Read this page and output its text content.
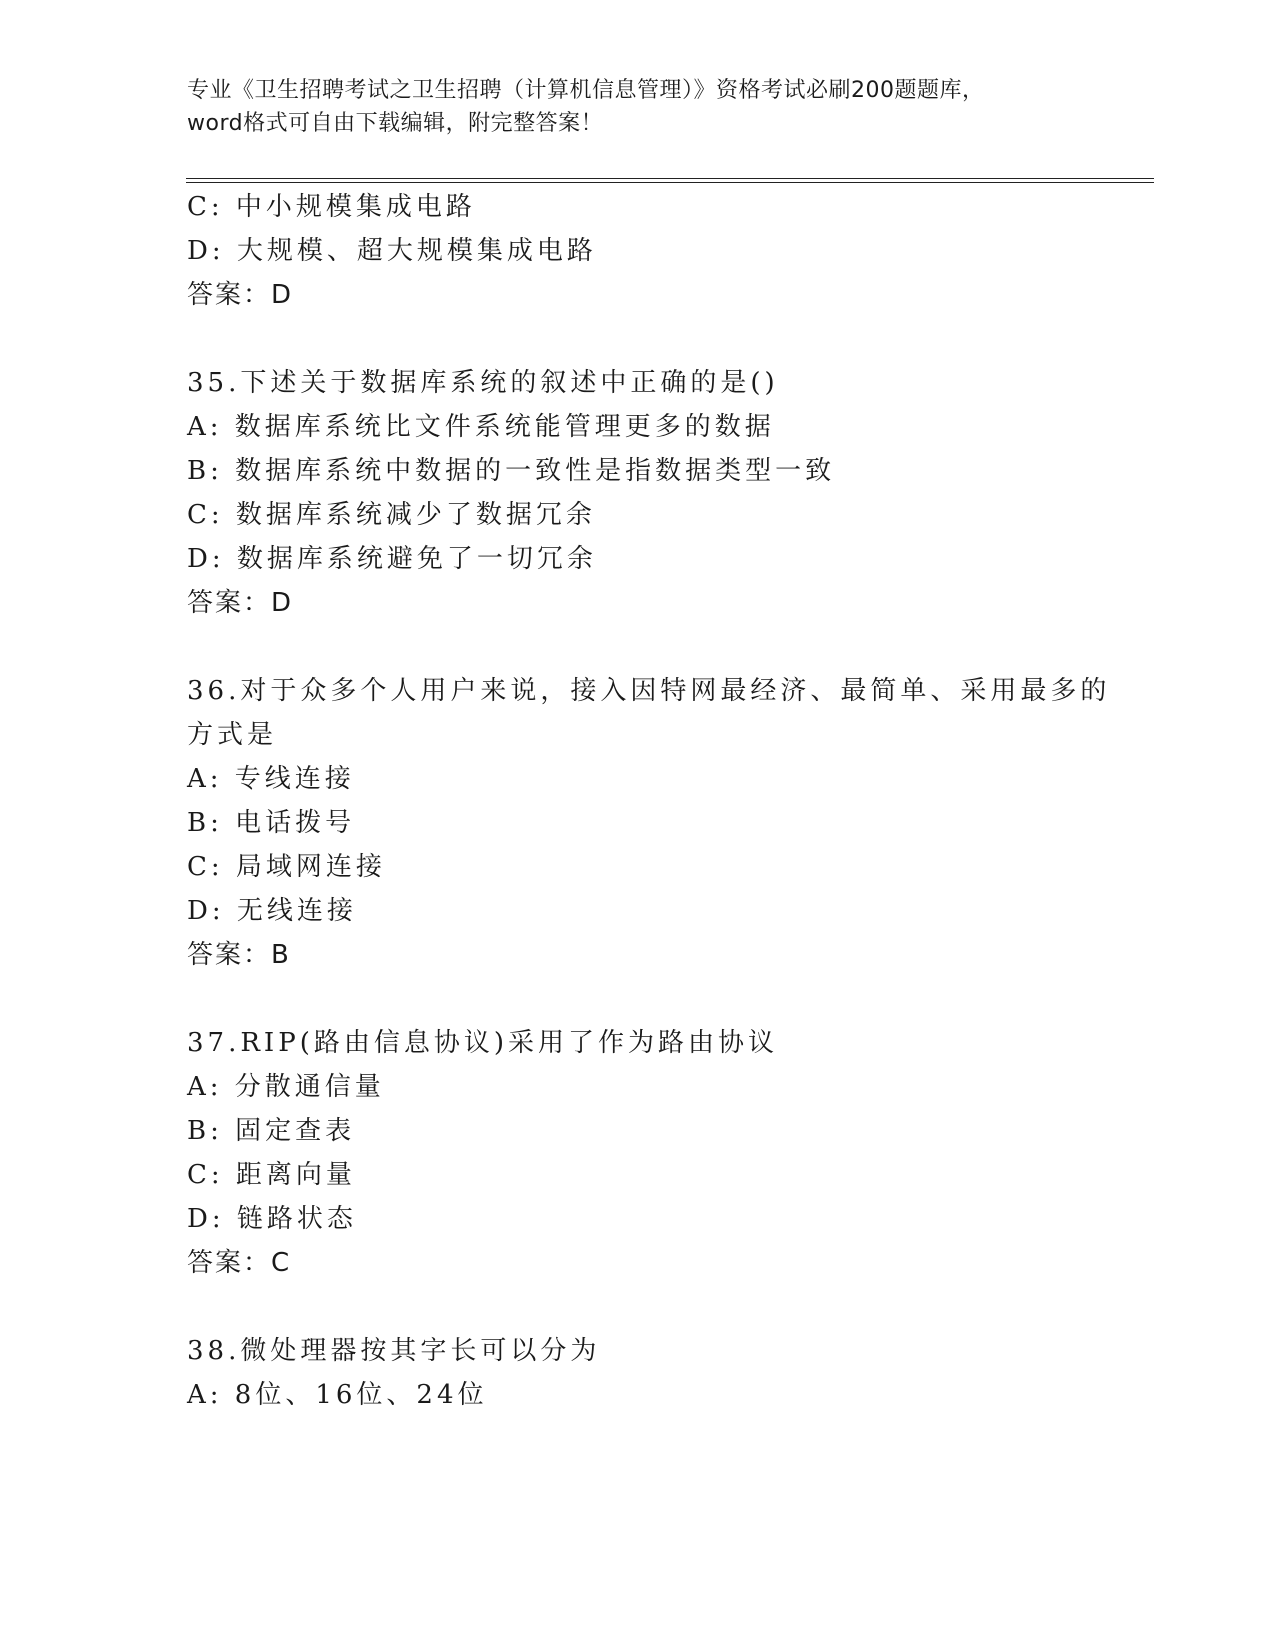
专业《卫生招聘考试之卫生招聘（计算机信息管理）》资格考试必刷200题题库，
word格式可自由下载编辑，附完整答案！
C: 中小规模集成电路
D: 大规模、超大规模集成电路
答案：D
35.下述关于数据库系统的叙述中正确的是()
A: 数据库系统比文件系统能管理更多的数据
B: 数据库系统中数据的一致性是指数据类型一致
C: 数据库系统减少了数据冗余
D: 数据库系统避免了一切冗余
答案：D
36.对于众多个人用户来说，接入因特网最经济、最简单、采用最多的
方式是
A: 专线连接
B: 电话拨号
C: 局域网连接
D: 无线连接
答案：B
37.RIP(路由信息协议)采用了作为路由协议
A: 分散通信量
B: 固定查表
C: 距离向量
D: 链路状态
答案：C
38.微处理器按其字长可以分为
A: 8位、16位、24位
